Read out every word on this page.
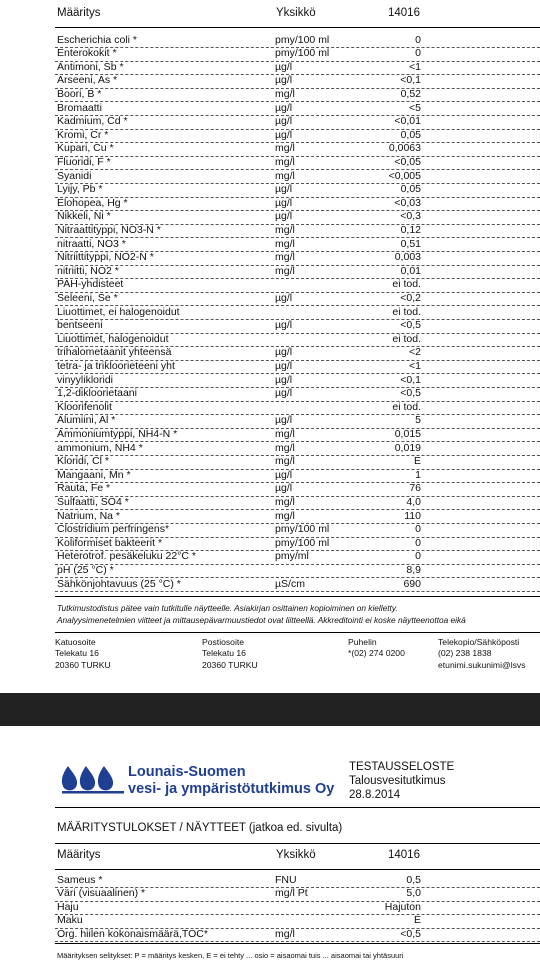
Määritys	Yksikkö	14016
Escherichia coli *	pmy/100 ml	0
Enterokokit *	pmy/100 ml	0
Antimoni, Sb *	µg/l	<1
Arseeni, As *	µg/l	<0,1
Boori, B *	mg/l	0,52
Bromaatti	µg/l	<5
Kadmium, Cd *	µg/l	<0,01
Kromi, Cr *	µg/l	0,05
Kupari, Cu *	mg/l	0,0063
Fluoridi, F *	mg/l	<0,05
Syanidi	mg/l	<0,005
Lyijy, Pb *	µg/l	0,05
Elohopea, Hg *	µg/l	<0,03
Nikkeli, Ni *	µg/l	<0,3
Nitraattityppi, NO3-N *	mg/l	0,12
nitraatti, NO3 *	mg/l	0,51
Nitriittityppi, NO2-N *	mg/l	0,003
nitriitti, NO2 *	mg/l	0,01
PAH-yhdisteet	ei tod.
Seleeni, Se *	µg/l	<0,2
Liuottimet, ei halogenoidut	ei tod.
bentseeni	µg/l	<0,5
Liuottimet, halogenoidut	ei tod.
trihalometaanit yhteensä	µg/l	<2
tetra- ja trikloorieteeni yht	µg/l	<1
vinyylikloridi	µg/l	<0,1
1,2-dikloorietaani	µg/l	<0,5
Kloorifenolit	ei tod.
Alumiini, Al *	µg/l	5
Ammoniumtyppi, NH4-N *	mg/l	0,015
ammonium, NH4 *	mg/l	0,019
Kloridi, Cl *	mg/l	E
Mangaani, Mn *	µg/l	1
Rauta, Fe *	µg/l	76
Sulfaatti, SO4 *	mg/l	4,0
Natrium, Na *	mg/l	110
Clostridium perfringens*	pmy/100 ml	0
Koliformiset bakteerit *	pmy/100 ml	0
Heterotrof. pesäkeluku 22°C *	pmy/ml	0
pH (25 °C) *	8,9
Sähkönjohtavuus (25 °C) *	µS/cm	690
Tutkimustodistus pätee vain tutkitulle näytteelle. Asiakirjan osittainen kopioiminen on kielletty.
Analyysimenetelmien viitteet ja mittausepävarmuustiedot ovat liitteellä. Akkreditointi ei koske näytteenottoa eikä
Katuosoite
Telekatu 16
20360 TURKU
Postiosoite
Telekatu 16
20360 TURKU
Puhelin
*(02) 274 0200
Telekopio/Sähköposti
(02) 238 1838
etunimi.sukunimi@lsvs
Lounais-Suomen
vesi- ja ympäristötutkimus Oy
TESTAUSSELOSTE
Talousvesitutkimus
28.8.2014
MÄÄRITYSTULOKSET / NÄYTTEET (jatkoa ed. sivulta)
Määritys	Yksikkö	14016
Sameus *	FNU	0,5
Väri (visuaalinen) *	mg/l Pt	5,0
Haju	Hajuton
Maku	E
Org. hiilen kokonaismäärä,TOC*	mg/l	<0,5
Määrityksen selitykset: P = määritys kesken, E = ei tehty ... osio = aisaomai tuis ... aisaomai tai yhtäsuuri
